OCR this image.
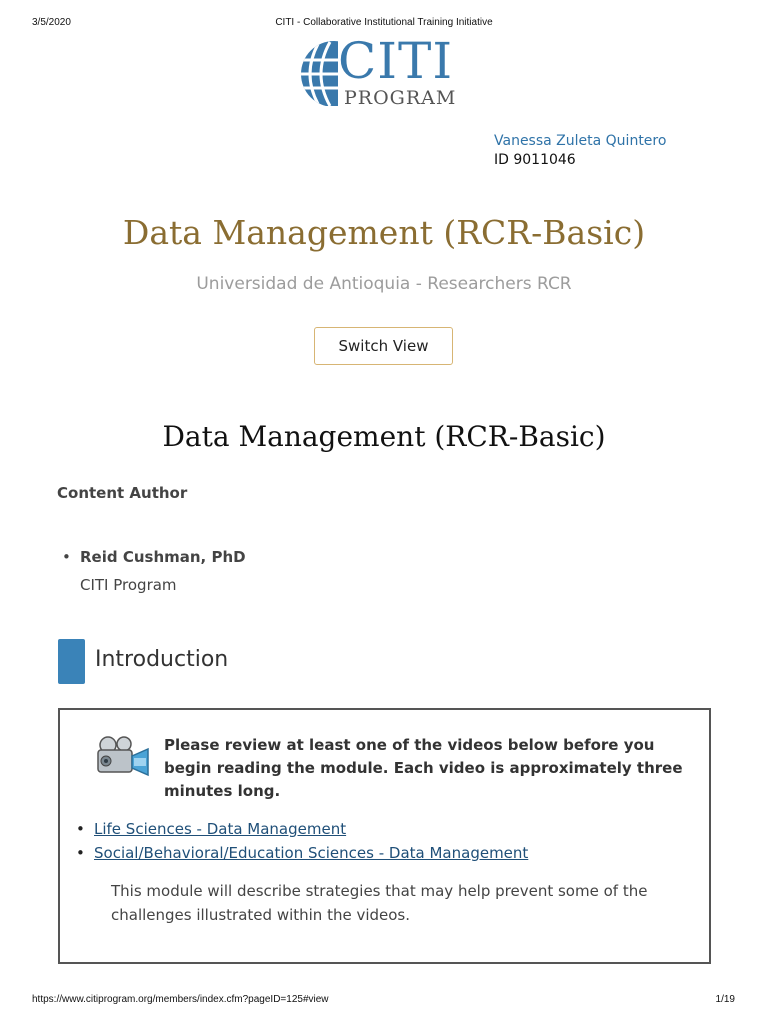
3/5/2020	CITI - Collaborative Institutional Training Initiative
CITI
PROGRAM
Vanessa Zuleta Quintero
ID 9011046
Data Management (RCR-Basic)
Universidad de Antioquia - Researchers RCR
Switch View
Data Management (RCR-Basic)
Content Author
• Reid Cushman, PhD
CITI Program
Introduction
Please review at least one of the videos below before you begin reading the module. Each video is approximately three minutes long.
• Life Sciences - Data Management
• Social/Behavioral/Education Sciences - Data Management
This module will describe strategies that may help prevent some of the challenges illustrated within the videos.
https://www.citiprogram.org/members/index.cfm?pageID=125#view	1/19
